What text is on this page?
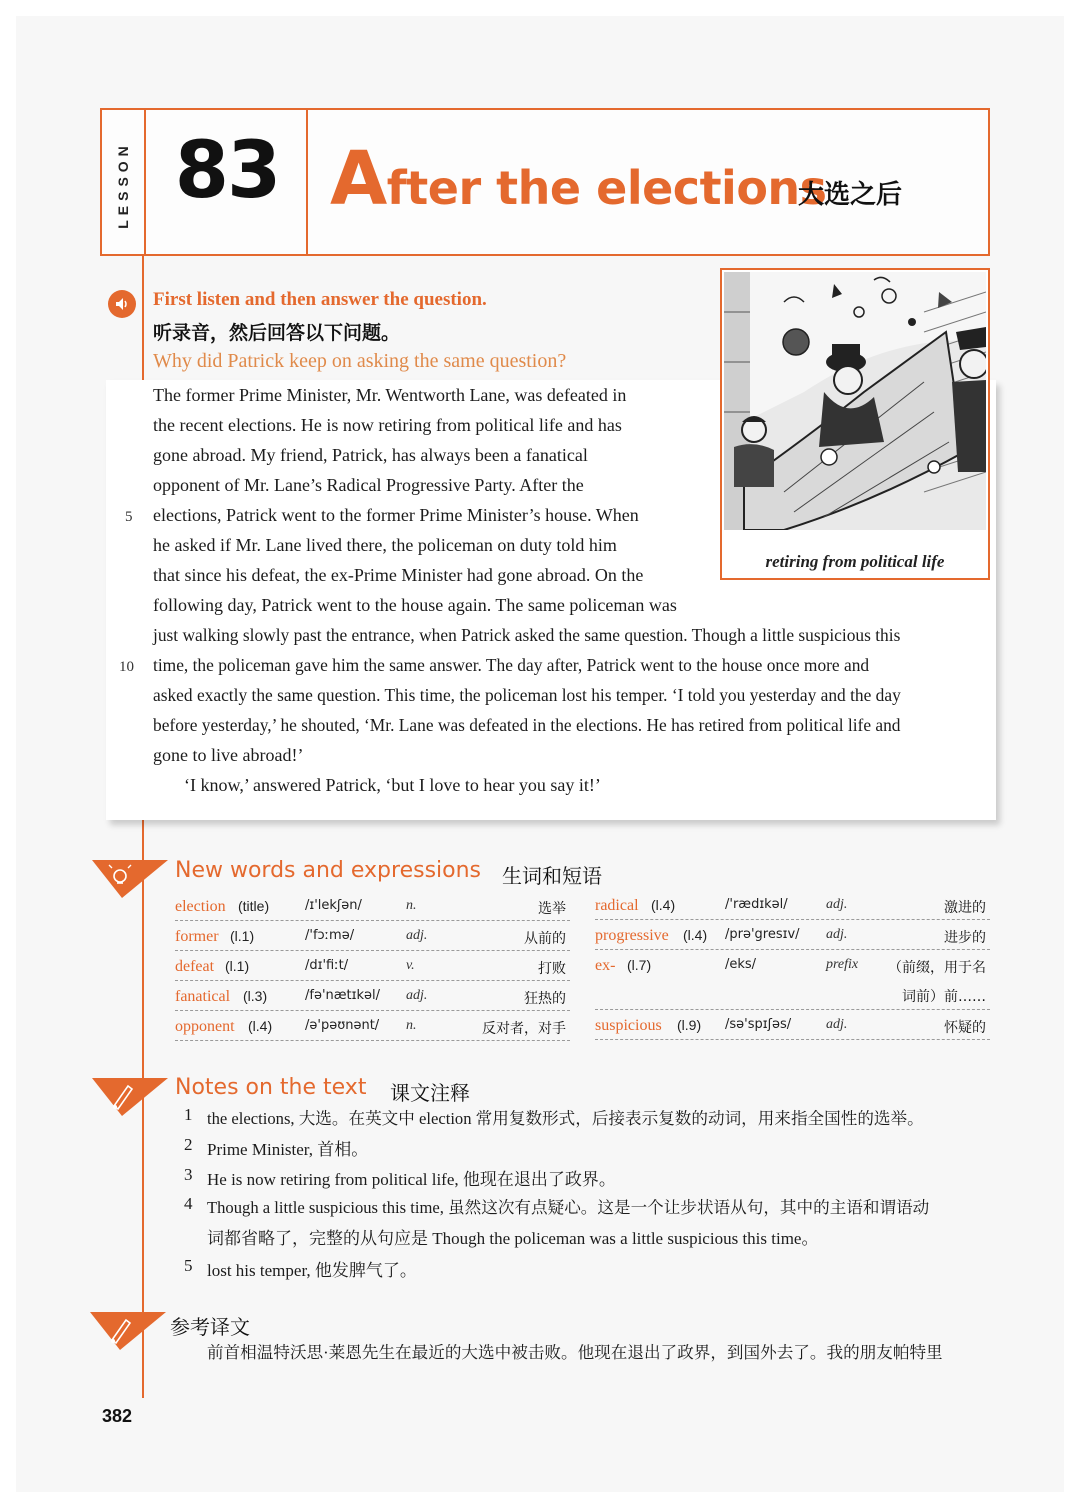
LESSON 83 After the elections
大选之后
First listen and then answer the question.
听录音，然后回答以下问题。
Why did Patrick keep on asking the same question?
The former Prime Minister, Mr. Wentworth Lane, was defeated in
the recent elections. He is now retiring from political life and has
gone abroad. My friend, Patrick, has always been a fanatical
opponent of Mr. Lane’s Radical Progressive Party. After the
elections, Patrick went to the former Prime Minister’s house. When
he asked if Mr. Lane lived there, the policeman on duty told him
that since his defeat, the ex-Prime Minister had gone abroad. On the
following day, Patrick went to the house again. The same policeman was
just walking slowly past the entrance, when Patrick asked the same question. Though a little suspicious this
time, the policeman gave him the same answer. The day after, Patrick went to the house once more and
asked exactly the same question. This time, the policeman lost his temper. ‘I told you yesterday and the day
before yesterday,’ he shouted, ‘Mr. Lane was defeated in the elections. He has retired from political life and
gone to live abroad!’
‘I know,’ answered Patrick, ‘but I love to hear you say it!’
5
10
retiring from political life
New words and expressions 生词和短语
election (title)	/ɪ'lekʃən/	n.	选举
former (l.1)	/'fɔːmə/	adj.	从前的
defeat (l.1)	/dɪ'fiːt/	v.	打败
fanatical (l.3)	/fə'nætɪkəl/ adj.	狂热的
opponent (l.4)	/ə'pəʊnənt/ n.	反对者，对手
radical (l.4)	/'rædɪkəl/	adj.	激进的
progressive (l.4) /prə'gresɪv/ adj.	进步的
ex- (l.7)	/eks/	prefix （前缀，用于名
词前）前……
suspicious (l.9) /sə'spɪʃəs/ adj.	怀疑的
Notes on the text 课文注释
1 the elections, 大选。在英文中 election 常用复数形式，后接表示复数的动词，用来指全国性的选举。
2 Prime Minister, 首相。
3 He is now retiring from political life, 他现在退出了政界。
4 Though a little suspicious this time, 虽然这次有点疑心。这是一个让步状语从句，其中的主语和谓语动
词都省略了，完整的从句应是 Though the policeman was a little suspicious this time。
5 lost his temper, 他发脾气了。
参考译文
前首相温特沃思·莱恩先生在最近的大选中被击败。他现在退出了政界，到国外去了。我的朋友帕特里
382
